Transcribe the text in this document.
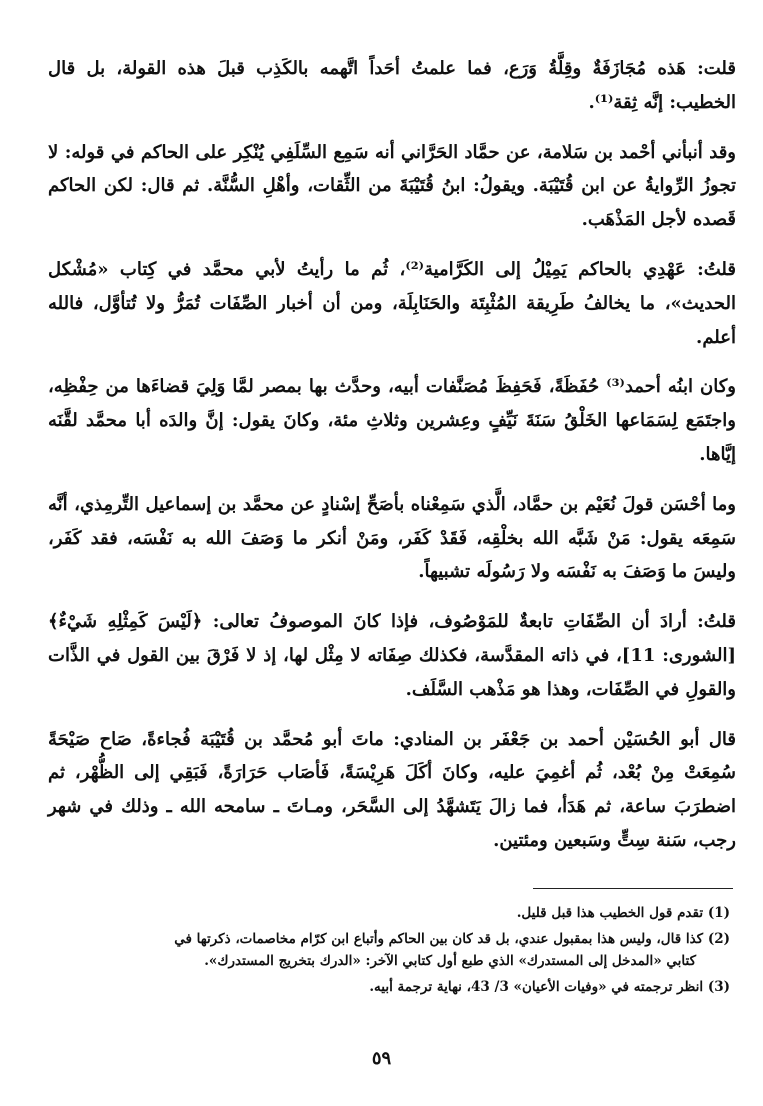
قلت: هَذه مُجَازَفَةٌ وقِلَّةُ وَرَع، فما علمتُ أحَداً اتَّهمه بالكَذِب قبلَ هذه القولة، بل قال الخطيب: إنَّه ثِقة⁽¹⁾.

وقد أنبأني أحْمد بن سَلامة، عن حمَّاد الحَرَّاني أنه سَمِع السِّلَفِي يُنْكِر على الحاكم في قوله: لا تجوزُ الرِّوايةُ عن ابن قُتَيْبَة. ويقولُ: ابنُ قُتَيْبَةَ من الثِّقات، وأهْلِ السُّنَّة. ثم قال: لكن الحاكم قَصده لأجل المَذْهَب.

قلتُ: عَهْدِي بالحاكم يَمِيْلُ إلى الكَرَّامية⁽²⁾، ثُم ما رأيتُ لأبي محمَّد في كِتاب «مُشْكل الحديث»، ما يخالفُ طَرِيقة المُثْبِتَة والحَنَابِلَة، ومن أن أخبار الصِّفَات تُمَرُّ ولا تُتأوَّل، فالله أعلم.

وكان ابنُه أحمد⁽³⁾ حُفَظَةً، فَحَفِظَ مُصَنَّفات أبيه، وحدَّث بها بمصر لمَّا وَلِيَ قضاءَها من حِفْظِه، واجتَمَع لِسَمَاعها الخَلْقُ سَنَةَ نَيِّفٍ وعِشرين وثلاثِ مئة، وكانَ يقول: إنَّ والدَه أبا محمَّد لقَّنَه إيَّاها.

وما أحْسَن قولَ نُعَيْم بن حمَّاد، الَّذي سَمِعْناه بأصَحِّ إسْنادٍ عن محمَّد بن إسماعيل التِّرمِذي، أنَّه سَمِعَه يقول: مَنْ شَبَّه الله بخلْقِه، فَقَدْ كَفَر، ومَنْ أنكر ما وَصَفَ الله به نَفْسَه، فقد كَفَر، وليسَ ما وَصَفَ به نَفْسَه ولا رَسُولَه تشبيهاً.

قلتُ: أرادَ أن الصِّفَاتِ تابعةٌ للمَوْصُوف، فإذا كانَ الموصوفُ تعالى: ﴿لَيْسَ كَمِثْلِهِ شَيْءٌ﴾ [الشورى: 11]، في ذاته المقدَّسة، فكذلك صِفَاته لا مِثْل لها، إذ لا فَرْقَ بين القول في الذَّات والقولِ في الصِّفَات، وهذا هو مَذْهب السَّلَف.

قال أبو الحُسَيْن أحمد بن جَعْفَر بن المنادي: ماتَ أبو مُحمَّد بن قُتَيْبَة فُجاءةً، صَاح صَيْحَةً سُمِعَتْ مِنْ بُعْد، ثُم أغمِيَ عليه، وكانَ أكَلَ هَرِيْسَةً، فَأصَاب حَرَارَةً، فَبَقِي إلى الظُّهْر، ثم اضطرَبَ ساعة، ثم هَدَأ، فما زالَ يَتَشهَّدُ إلى السَّحَر، ومـاتَ ـ سامحه الله ـ وذلك في شهر رجب، سَنة سِتٍّ وسَبعين ومئتين.

(1) تقدم قول الخطيب هذا قبل قليل.

(2) كذا قال، وليس هذا بمقبول عندي، بل قد كان بين الحاكم وأتباع ابن كرّام مخاصمات، ذكرتها في
كتابي «المدخل إلى المستدرك» الذي طبع أول كتابي الآخر: «الدرك بتخريج المستدرك».

(3) انظر ترجمته في «وفيات الأعيان» 3/ 43، نهاية ترجمة أبيه.

٥٩
